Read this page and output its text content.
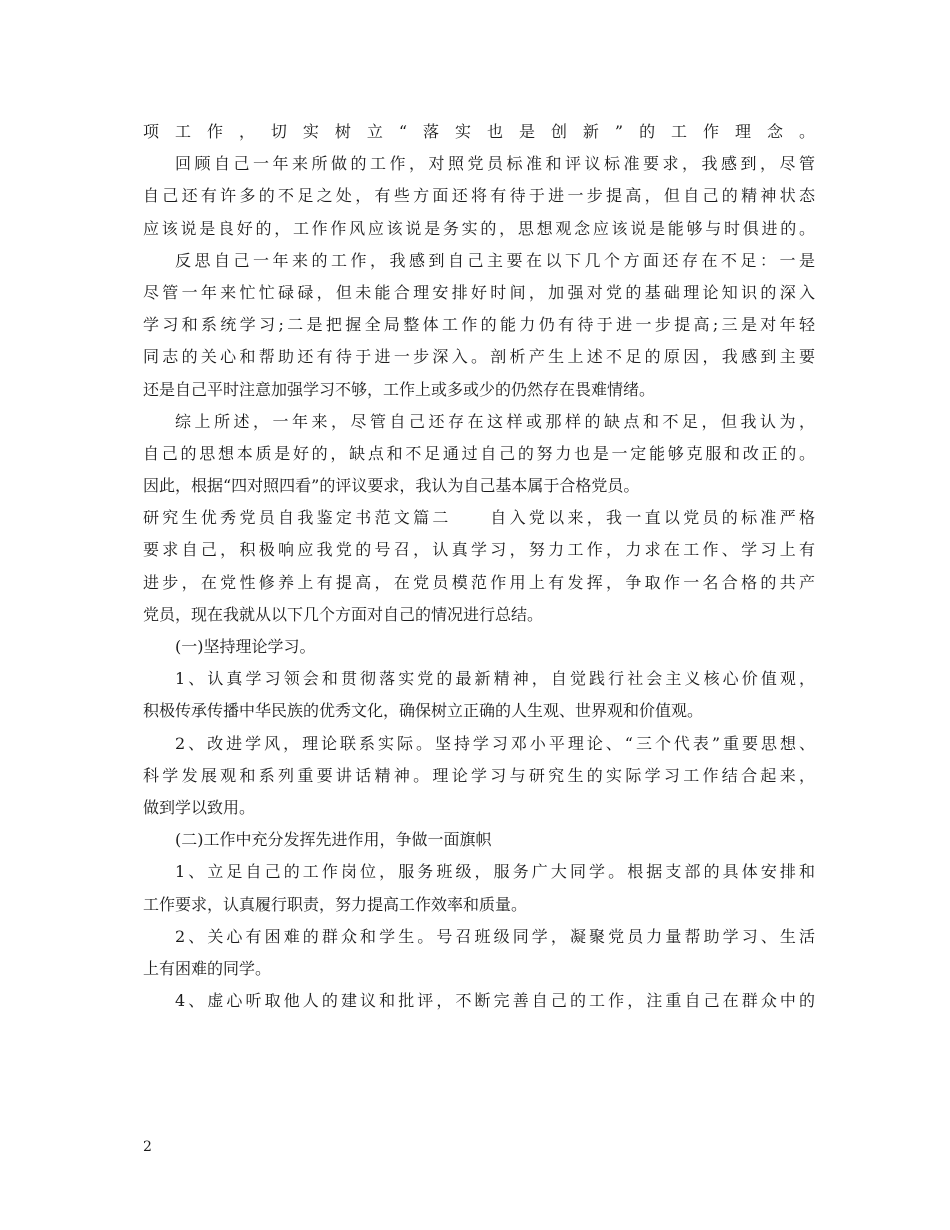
项工作，切实树立“落实也是创新”的工作理念。
回顾自己一年来所做的工作，对照党员标准和评议标准要求，我感到，尽管
自己还有许多的不足之处，有些方面还将有待于进一步提高，但自己的精神状态
应该说是良好的，工作作风应该说是务实的，思想观念应该说是能够与时俱进的。
反思自己一年来的工作，我感到自己主要在以下几个方面还存在不足：一是
尽管一年来忙忙碌碌，但未能合理安排好时间，加强对党的基础理论知识的深入
学习和系统学习;二是把握全局整体工作的能力仍有待于进一步提高;三是对年轻
同志的关心和帮助还有待于进一步深入。剖析产生上述不足的原因，我感到主要
还是自己平时注意加强学习不够，工作上或多或少的仍然存在畏难情绪。
综上所述，一年来，尽管自己还存在这样或那样的缺点和不足，但我认为，
自己的思想本质是好的，缺点和不足通过自己的努力也是一定能够克服和改正的。
因此，根据“四对照四看”的评议要求，我认为自己基本属于合格党员。
研究生优秀党员自我鉴定书范文篇二　　自入党以来，我一直以党员的标准严格
要求自己，积极响应我党的号召，认真学习，努力工作，力求在工作、学习上有
进步，在党性修养上有提高，在党员模范作用上有发挥，争取作一名合格的共产
党员，现在我就从以下几个方面对自己的情况进行总结。
(一)坚持理论学习。
1、认真学习领会和贯彻落实党的最新精神，自觉践行社会主义核心价值观，
积极传承传播中华民族的优秀文化，确保树立正确的人生观、世界观和价值观。
2、改进学风，理论联系实际。坚持学习邓小平理论、“三个代表”重要思想、
科学发展观和系列重要讲话精神。理论学习与研究生的实际学习工作结合起来，
做到学以致用。
(二)工作中充分发挥先进作用，争做一面旗帜
1、立足自己的工作岗位，服务班级，服务广大同学。根据支部的具体安排和
工作要求，认真履行职责，努力提高工作效率和质量。
2、关心有困难的群众和学生。号召班级同学，凝聚党员力量帮助学习、生活
上有困难的同学。
4、虚心听取他人的建议和批评，不断完善自己的工作，注重自己在群众中的
2
